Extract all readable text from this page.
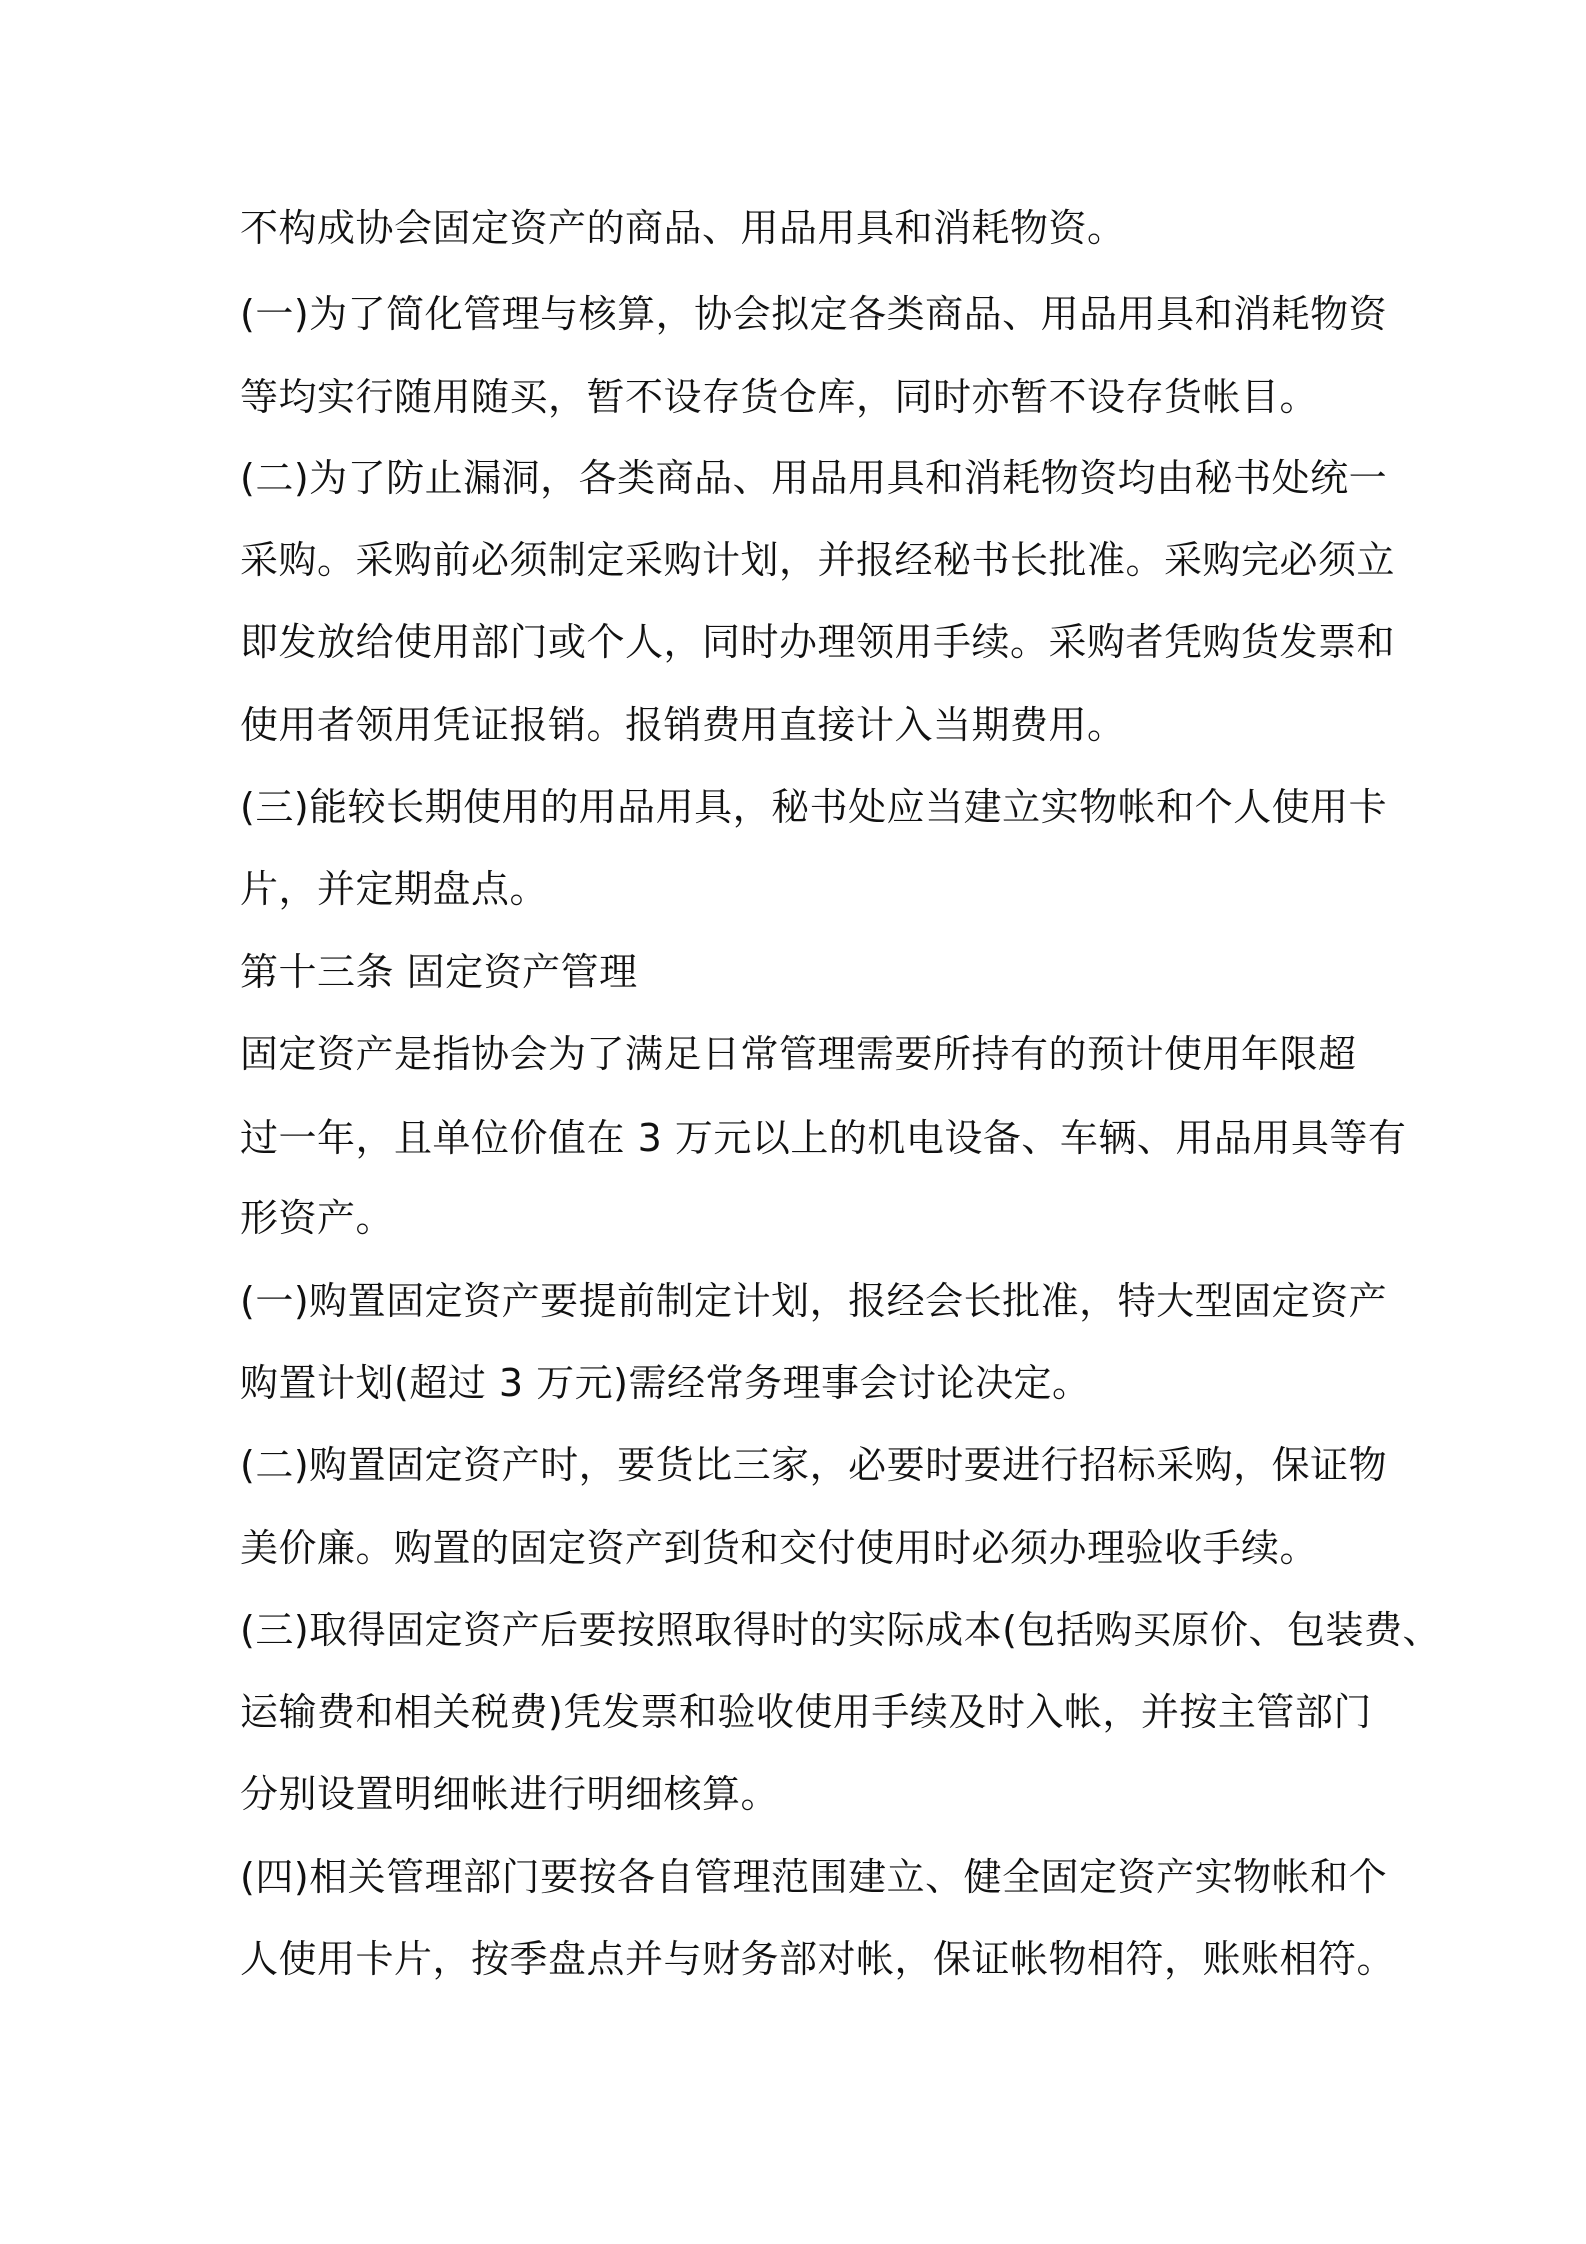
不构成协会固定资产的商品、用品用具和消耗物资。
(一)为了简化管理与核算，协会拟定各类商品、用品用具和消耗物资
等均实行随用随买，暂不设存货仓库，同时亦暂不设存货帐目。
(二)为了防止漏洞，各类商品、用品用具和消耗物资均由秘书处统一
采购。采购前必须制定采购计划，并报经秘书长批准。采购完必须立
即发放给使用部门或个人，同时办理领用手续。采购者凭购货发票和
使用者领用凭证报销。报销费用直接计入当期费用。
(三)能较长期使用的用品用具，秘书处应当建立实物帐和个人使用卡
片，并定期盘点。
第十三条 固定资产管理
固定资产是指协会为了满足日常管理需要所持有的预计使用年限超
过一年，且单位价值在 3 万元以上的机电设备、车辆、用品用具等有
形资产。
(一)购置固定资产要提前制定计划，报经会长批准，特大型固定资产
购置计划(超过 3 万元)需经常务理事会讨论决定。
(二)购置固定资产时，要货比三家，必要时要进行招标采购，保证物
美价廉。购置的固定资产到货和交付使用时必须办理验收手续。
(三)取得固定资产后要按照取得时的实际成本(包括购买原价、包装费、
运输费和相关税费)凭发票和验收使用手续及时入帐，并按主管部门
分别设置明细帐进行明细核算。
(四)相关管理部门要按各自管理范围建立、健全固定资产实物帐和个
人使用卡片，按季盘点并与财务部对帐，保证帐物相符，账账相符。
